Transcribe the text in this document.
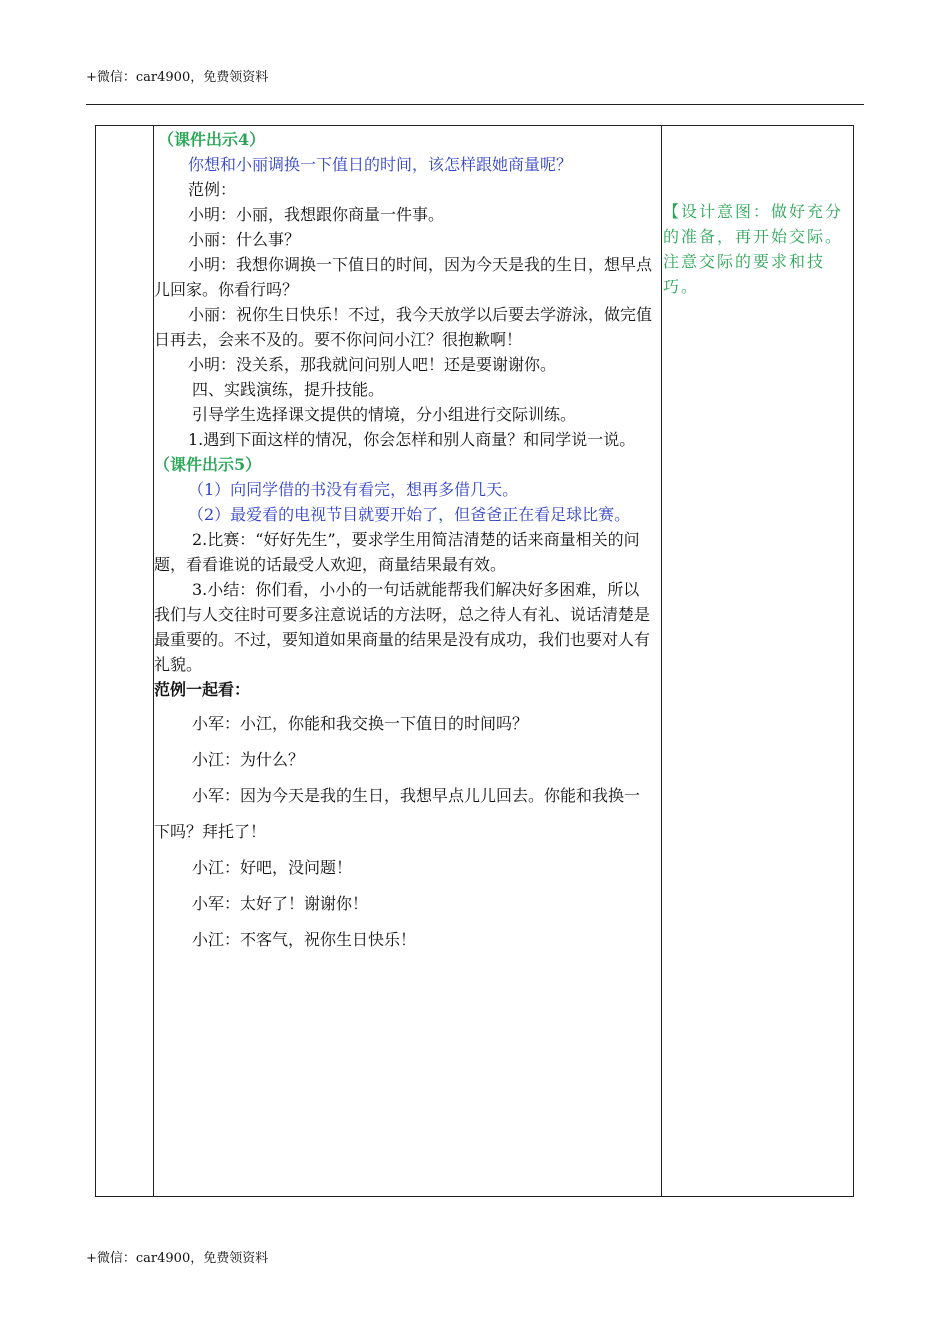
+微信：car4900，免费领资料

（课件出示4）

你想和小丽调换一下值日的时间，该怎样跟她商量呢？

范例：

小明：小丽，我想跟你商量一件事。

小丽：什么事？

小明：我想你调换一下值日的时间，因为今天是我的生日，想早点儿回家。你看行吗？

小丽：祝你生日快乐！不过，我今天放学以后要去学游泳，做完值日再去，会来不及的。要不你问问小江？很抱歉啊！

小明：没关系，那我就问问别人吧！还是要谢谢你。

四、实践演练，提升技能。

引导学生选择课文提供的情境，分小组进行交际训练。

1.遇到下面这样的情况，你会怎样和别人商量？和同学说一说。（课件出示5）

（1）向同学借的书没有看完，想再多借几天。

（2）最爱看的电视节目就要开始了，但爸爸正在看足球比赛。

2.比赛：“好好先生”，要求学生用简洁清楚的话来商量相关的问题，看看谁说的话最受人欢迎，商量结果最有效。

3.小结：你们看，小小的一句话就能帮我们解决好多困难，所以我们与人交往时可要多注意说话的方法呀，总之待人有礼、说话清楚是最重要的。不过，要知道如果商量的结果是没有成功，我们也要对人有礼貌。

范例一起看：

小军：小江，你能和我交换一下值日的时间吗？

小江：为什么？

小军：因为今天是我的生日，我想早点儿儿回去。你能和我换一下吗？拜托了！

小江：好吧，没问题！

小军：太好了！谢谢你！

小江：不客气，祝你生日快乐！

【设计意图：做好充分的准备，再开始交际。注意交际的要求和技巧。
+微信：car4900，免费领资料
